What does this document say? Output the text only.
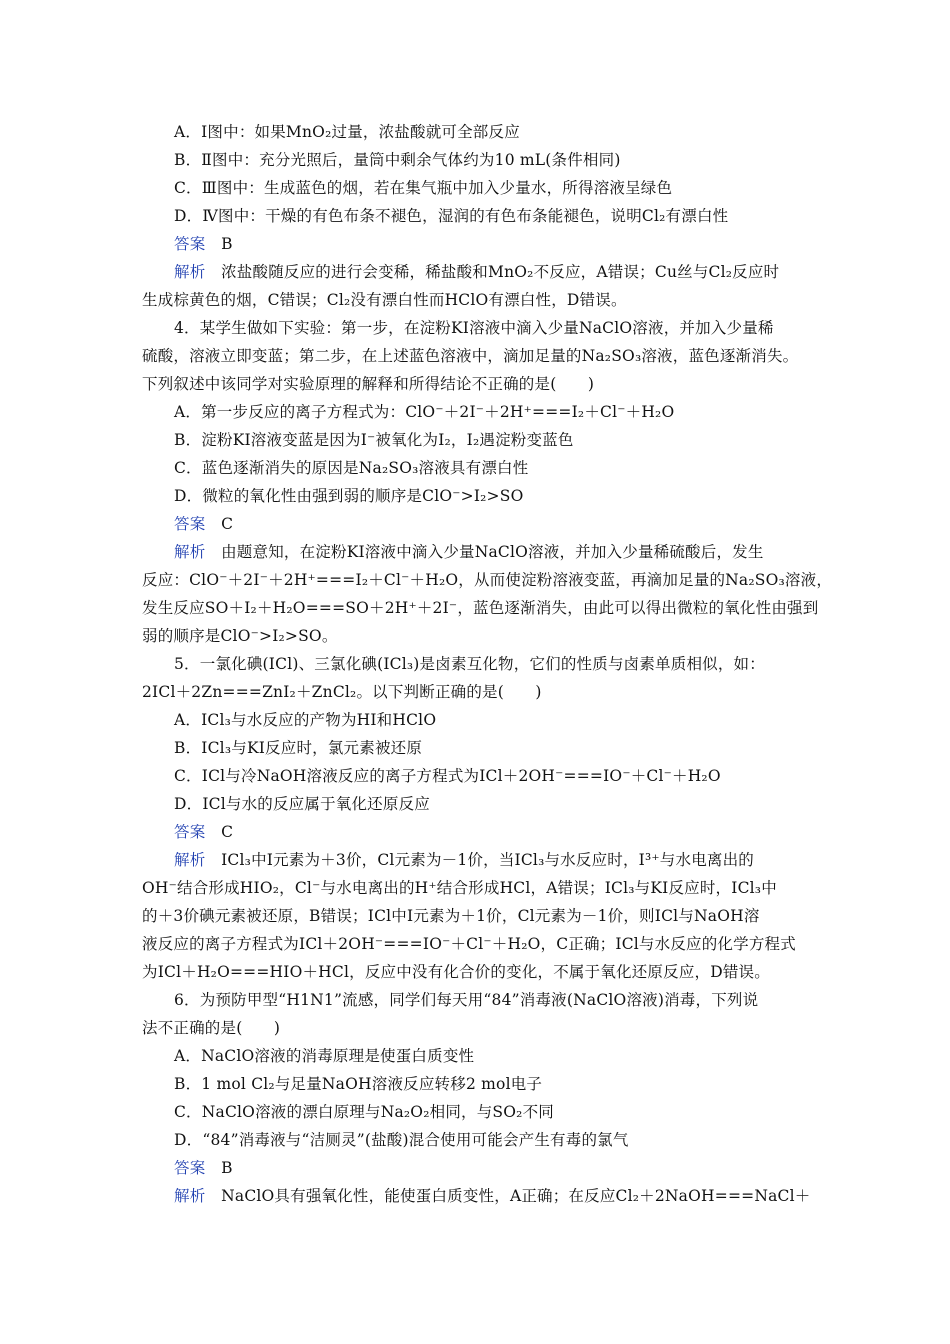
A．Ⅰ图中：如果MnO₂过量，浓盐酸就可全部反应
B．Ⅱ图中：充分光照后，量筒中剩余气体约为10 mL(条件相同)
C．Ⅲ图中：生成蓝色的烟，若在集气瓶中加入少量水，所得溶液呈绿色
D．Ⅳ图中：干燥的有色布条不褪色，湿润的有色布条能褪色，说明Cl₂有漂白性
答案　 B
解析　 浓盐酸随反应的进行会变稀，稀盐酸和MnO₂不反应，A错误；Cu丝与Cl₂反应时
生成棕黄色的烟，C错误；Cl₂没有漂白性而HClO有漂白性，D错误。
4．某学生做如下实验：第一步，在淀粉KI溶液中滴入少量NaClO溶液，并加入少量稀
硫酸，溶液立即变蓝；第二步，在上述蓝色溶液中，滴加足量的Na₂SO₃溶液，蓝色逐渐消失。
下列叙述中该同学对实验原理的解释和所得结论不正确的是(　　)
A．第一步反应的离子方程式为：ClO⁻＋2I⁻＋2H⁺===I₂＋Cl⁻＋H₂O
B．淀粉KI溶液变蓝是因为I⁻被氧化为I₂，I₂遇淀粉变蓝色
C．蓝色逐渐消失的原因是Na₂SO₃溶液具有漂白性
D．微粒的氧化性由强到弱的顺序是ClO⁻>I₂>SO
答案　 C
解析　 由题意知，在淀粉KI溶液中滴入少量NaClO溶液，并加入少量稀硫酸后，发生
反应：ClO⁻＋2I⁻＋2H⁺===I₂＋Cl⁻＋H₂O，从而使淀粉溶液变蓝，再滴加足量的Na₂SO₃溶液，
发生反应SO＋I₂＋H₂O===SO＋2H⁺＋2I⁻，蓝色逐渐消失，由此可以得出微粒的氧化性由强到
弱的顺序是ClO⁻>I₂>SO。
5．一氯化碘(ICl)、三氯化碘(ICl₃)是卤素互化物，它们的性质与卤素单质相似，如：
2ICl＋2Zn===ZnI₂＋ZnCl₂。以下判断正确的是(　　)
A．ICl₃与水反应的产物为HI和HClO
B．ICl₃与KI反应时，氯元素被还原
C．ICl与冷NaOH溶液反应的离子方程式为ICl＋2OH⁻===IO⁻＋Cl⁻＋H₂O
D．ICl与水的反应属于氧化还原反应
答案　 C
解析　 ICl₃中I元素为＋3价，Cl元素为－1价，当ICl₃与水反应时，I³⁺与水电离出的
OH⁻结合形成HIO₂，Cl⁻与水电离出的H⁺结合形成HCl，A错误；ICl₃与KI反应时，ICl₃中
的＋3价碘元素被还原，B错误；ICl中I元素为＋1价，Cl元素为－1价，则ICl与NaOH溶
液反应的离子方程式为ICl＋2OH⁻===IO⁻＋Cl⁻＋H₂O，C正确；ICl与水反应的化学方程式
为ICl＋H₂O===HIO＋HCl，反应中没有化合价的变化，不属于氧化还原反应，D错误。
6．为预防甲型“H1N1”流感，同学们每天用“84”消毒液(NaClO溶液)消毒，下列说
法不正确的是(　　)
A．NaClO溶液的消毒原理是使蛋白质变性
B．1 mol Cl₂与足量NaOH溶液反应转移2 mol电子
C．NaClO溶液的漂白原理与Na₂O₂相同，与SO₂不同
D．“84”消毒液与“洁厕灵”(盐酸)混合使用可能会产生有毒的氯气
答案　 B
解析　 NaClO具有强氧化性，能使蛋白质变性，A正确；在反应Cl₂＋2NaOH===NaCl＋
